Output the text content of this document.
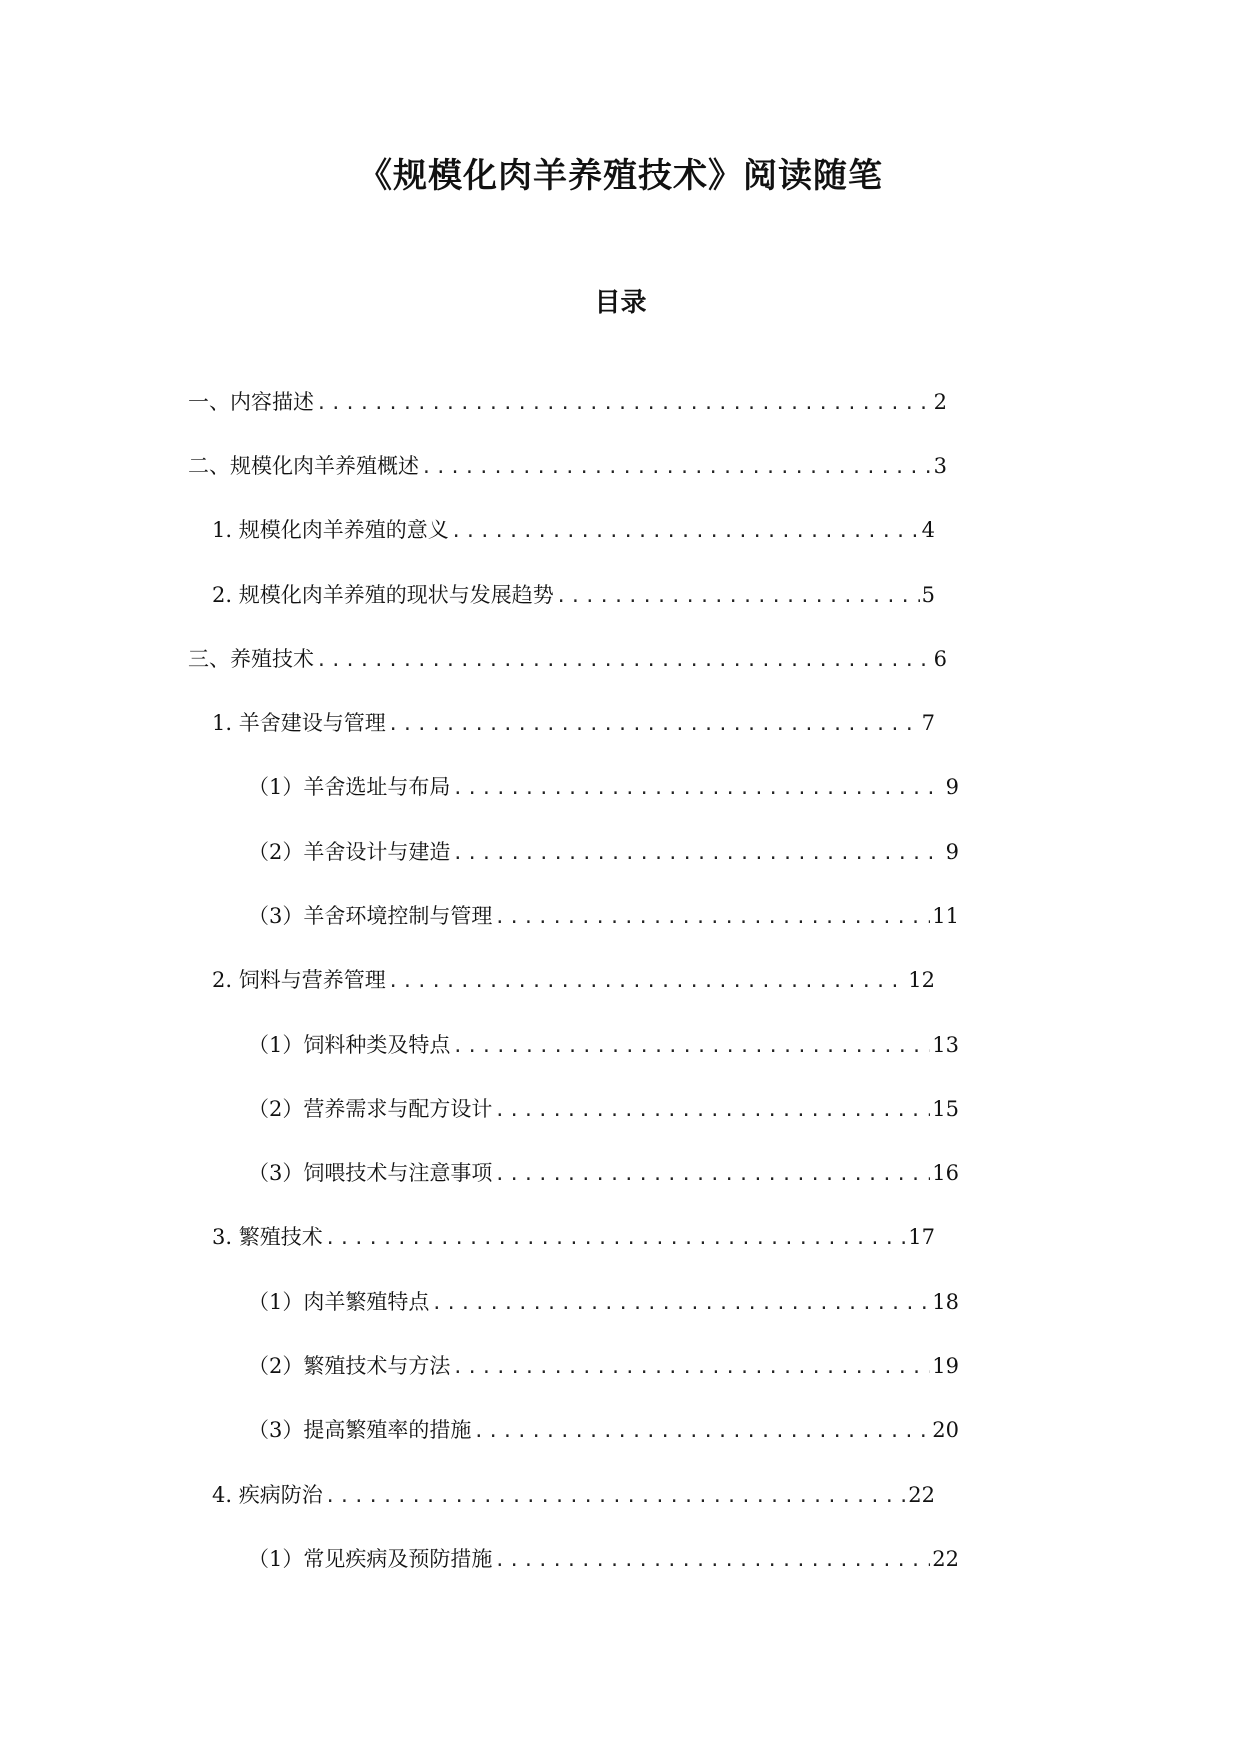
《规模化肉羊养殖技术》阅读随笔
目录
一、内容描述 .....	2
二、规模化肉羊养殖概述 .....	3
1. 规模化肉羊养殖的意义 .....	4
2. 规模化肉羊养殖的现状与发展趋势 .....	5
三、养殖技术 .....	6
1. 羊舍建设与管理 .....	7
（1）羊舍选址与布局 .....	9
（2）羊舍设计与建造 .....	9
（3）羊舍环境控制与管理 .....	11
2. 饲料与营养管理 .....	12
（1）饲料种类及特点 .....	13
（2）营养需求与配方设计 .....	15
（3）饲喂技术与注意事项 .....	16
3. 繁殖技术 .....	17
（1）肉羊繁殖特点 .....	18
（2）繁殖技术与方法 .....	19
（3）提高繁殖率的措施 .....	20
4. 疾病防治 .....	22
（1）常见疾病及预防措施 .....	22
